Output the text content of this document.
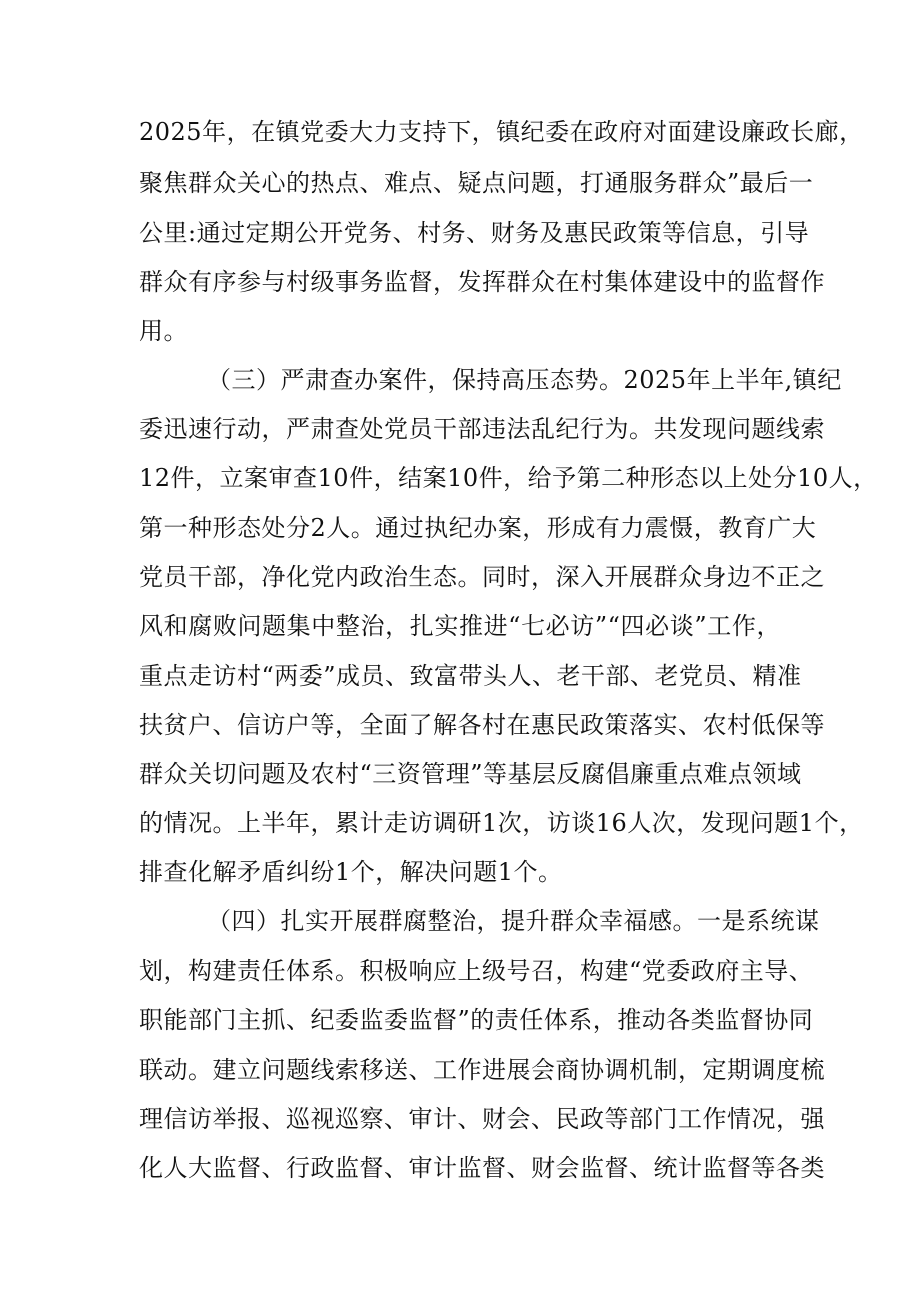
2025年，在镇党委大力支持下，镇纪委在政府对面建设廉政长廊，
聚焦群众关心的热点、难点、疑点问题，打通服务群众”最后一
公里:通过定期公开党务、村务、财务及惠民政策等信息，引导
群众有序参与村级事务监督，发挥群众在村集体建设中的监督作
用。
（三）严肃查办案件，保持高压态势。2025年上半年,镇纪
委迅速行动，严肃查处党员干部违法乱纪行为。共发现问题线索
12件，立案审查10件，结案10件，给予第二种形态以上处分10人，
第一种形态处分2人。通过执纪办案，形成有力震慑，教育广大
党员干部，净化党内政治生态。同时，深入开展群众身边不正之
风和腐败问题集中整治，扎实推进“七必访”“四必谈”工作，
重点走访村“两委”成员、致富带头人、老干部、老党员、精准
扶贫户、信访户等，全面了解各村在惠民政策落实、农村低保等
群众关切问题及农村“三资管理”等基层反腐倡廉重点难点领域
的情况。上半年，累计走访调研1次，访谈16人次，发现问题1个，
排查化解矛盾纠纷1个，解决问题1个。
（四）扎实开展群腐整治，提升群众幸福感。一是系统谋
划，构建责任体系。积极响应上级号召，构建“党委政府主导、
职能部门主抓、纪委监委监督”的责任体系，推动各类监督协同
联动。建立问题线索移送、工作进展会商协调机制，定期调度梳
理信访举报、巡视巡察、审计、财会、民政等部门工作情况，强
化人大监督、行政监督、审计监督、财会监督、统计监督等各类
